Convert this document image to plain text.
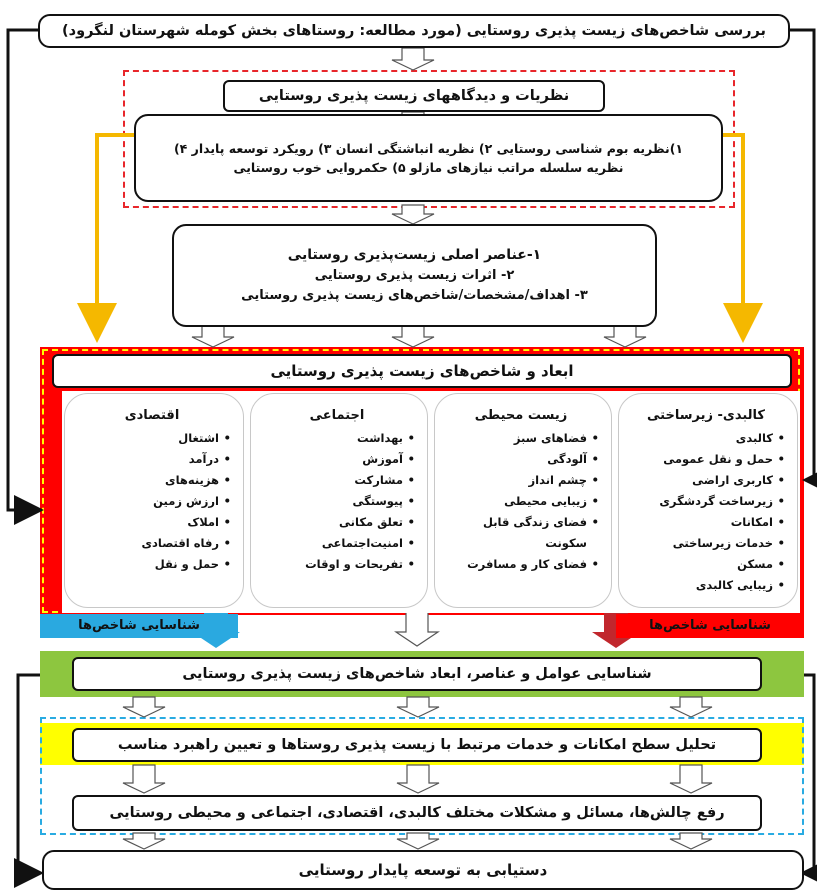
بررسی شاخص‌های زیست پذیری روستایی (مورد مطالعه: روستاهای بخش کومله شهرستان لنگرود)
نظریات و دیدگاههای زیست پذیری روستایی
۱)نظریه بوم شناسی روستایی ۲) نظریه انباشتگی انسان ۳) رویکرد توسعه پایدار ۴)
نظریه سلسله مراتب نیازهای مازلو ۵) حکمروایی خوب روستایی
۱-عناصر اصلی زیست‌پذیری روستایی
۲- اثرات زیست پذیری روستایی
۳- اهداف/مشخصات/شاخص‌های زیست پذیری روستایی
ابعاد و شاخص‌های زیست پذیری روستایی
کالبدی- زیرساختی
• کالبدی
• حمل و نقل عمومی
• کاربری اراضی
• زیرساخت گردشگری
• امکانات
• خدمات زیرساختی
• مسکن
• زیبایی کالبدی
زیست محیطی
• فضاهای سبز
• آلودگی
• چشم انداز
• زیبایی محیطی
• فضای زندگی قابل سکونت
• فضای کار و مسافرت
اجتماعی
• بهداشت
• آموزش
• مشارکت
• پیوستگی
• تعلق مکانی
• امنیت‌اجتماعی
• تفریحات و اوقات
اقتصادی
• اشتغال
• درآمد
• هزینه‌های
• ارزش زمین
• املاک
• رفاه اقتصادی
• حمل و نقل
شناسایی شاخص‌ها	شناسایی شاخص‌ها
شناسایی عوامل و عناصر، ابعاد شاخص‌های زیست پذیری روستایی
تحلیل سطح امکانات و خدمات مرتبط با زیست پذیری روستاها و تعیین راهبرد مناسب
رفع چالش‌ها، مسائل و مشکلات مختلف کالبدی، اقتصادی، اجتماعی و محیطی روستایی
دستیابی به توسعه پایدار روستایی
